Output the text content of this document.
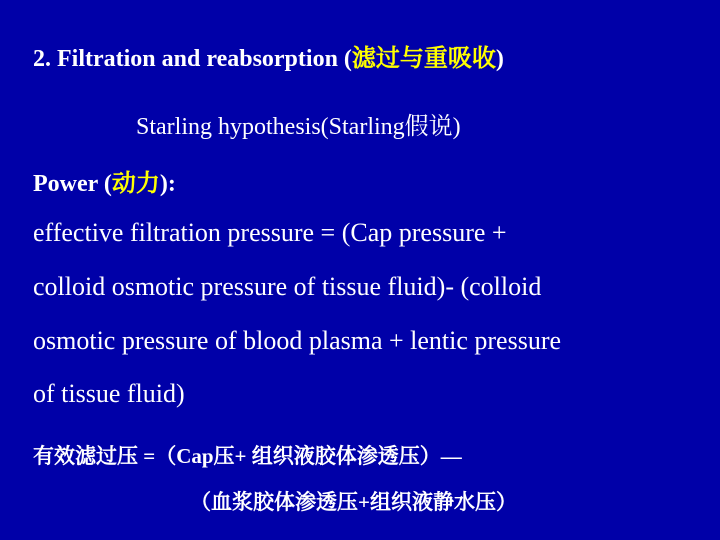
2. Filtration and reabsorption (滤过与重吸收)
Starling hypothesis(Starling假说)
Power (动力):
effective filtration pressure = (Cap pressure +
colloid osmotic pressure of tissue fluid)- (colloid
osmotic pressure of blood plasma + lentic pressure
of tissue fluid)
有效滤过压 =（Cap压+ 组织液胶体渗透压）—
（血浆胶体渗透压+组织液静水压）
